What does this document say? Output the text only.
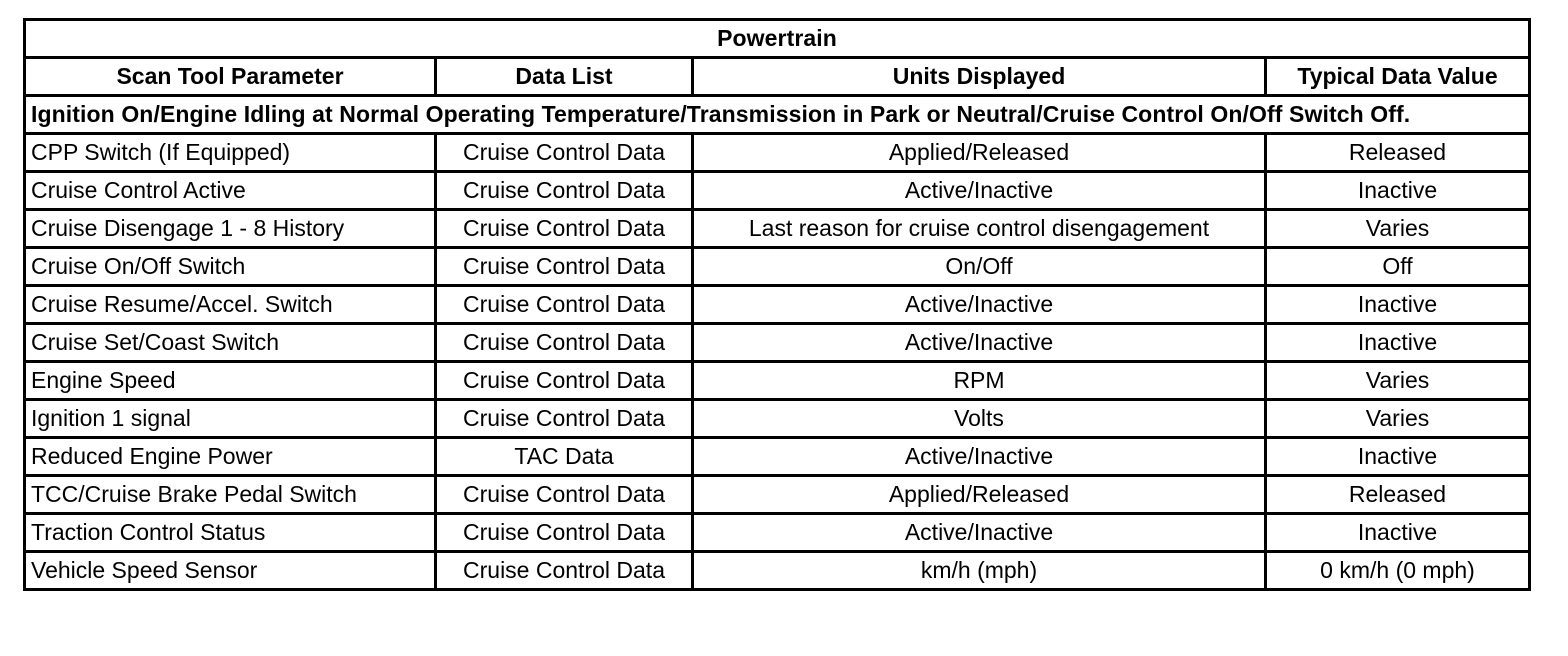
Powertrain			
Scan Tool Parameter	Data List	Units Displayed	Typical Data Value
Ignition On/Engine Idling at Normal Operating Temperature/Transmission in Park or Neutral/Cruise Control On/Off Switch Off.			
CPP Switch (If Equipped)	Cruise Control Data	Applied/Released	Released
Cruise Control Active	Cruise Control Data	Active/Inactive	Inactive
Cruise Disengage 1 - 8 History	Cruise Control Data	Last reason for cruise control disengagement	Varies
Cruise On/Off Switch	Cruise Control Data	On/Off	Off
Cruise Resume/Accel. Switch	Cruise Control Data	Active/Inactive	Inactive
Cruise Set/Coast Switch	Cruise Control Data	Active/Inactive	Inactive
Engine Speed	Cruise Control Data	RPM	Varies
Ignition 1 signal	Cruise Control Data	Volts	Varies
Reduced Engine Power	TAC Data	Active/Inactive	Inactive
TCC/Cruise Brake Pedal Switch	Cruise Control Data	Applied/Released	Released
Traction Control Status	Cruise Control Data	Active/Inactive	Inactive
Vehicle Speed Sensor	Cruise Control Data	km/h (mph)	0 km/h (0 mph)
